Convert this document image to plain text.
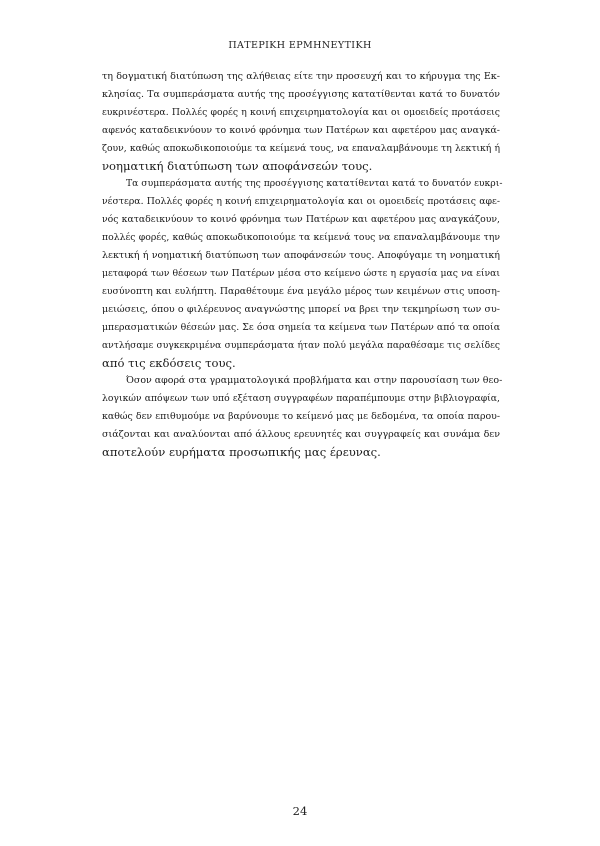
ΠΑΤΕΡΙΚΗ ΕΡΜΗΝΕΥΤΙΚΗ
τη δογματική διατύπωση της αλήθειας είτε την προσευχή και το κήρυγμα της Εκ-
κλησίας. Τα συμπεράσματα αυτής της προσέγγισης κατατίθενται κατά το δυνατόν
ευκρινέστερα. Πολλές φορές η κοινή επιχειρηματολογία και οι ομοειδείς προτάσεις
αφενός καταδεικνύουν το κοινό φρόνημα των Πατέρων και αφετέρου μας αναγκά-
ζουν, καθώς αποκωδικοποιούμε τα κείμενά τους, να επαναλαμβάνουμε τη λεκτική ή
νοηματική διατύπωση των αποφάνσεών τους.
Τα συμπεράσματα αυτής της προσέγγισης κατατίθενται κατά το δυνατόν ευκρι-
νέστερα. Πολλές φορές η κοινή επιχειρηματολογία και οι ομοειδείς προτάσεις αφε-
νός καταδεικνύουν το κοινό φρόνημα των Πατέρων και αφετέρου μας αναγκάζουν,
πολλές φορές, καθώς αποκωδικοποιούμε τα κείμενά τους να επαναλαμβάνουμε την
λεκτική ή νοηματική διατύπωση των αποφάνσεών τους. Αποφύγαμε τη νοηματική
μεταφορά των θέσεων των Πατέρων μέσα στο κείμενο ώστε η εργασία μας να είναι
ευσύνοπτη και ευλήπτη. Παραθέτουμε ένα μεγάλο μέρος των κειμένων στις υποση-
μειώσεις, όπου ο φιλέρευνος αναγνώστης μπορεί να βρει την τεκμηρίωση των συ-
μπερασματικών θέσεών μας. Σε όσα σημεία τα κείμενα των Πατέρων από τα οποία
αντλήσαμε συγκεκριμένα συμπεράσματα ήταν πολύ μεγάλα παραθέσαμε τις σελίδες
από τις εκδόσεις τους.
Όσον αφορά στα γραμματολογικά προβλήματα και στην παρουσίαση των θεο-
λογικών απόψεων των υπό εξέταση συγγραφέων παραπέμπουμε στην βιβλιογραφία,
καθώς δεν επιθυμούμε να βαρύνουμε το κείμενό μας με δεδομένα, τα οποία παρου-
σιάζονται και αναλύονται από άλλους ερευνητές και συγγραφείς και συνάμα δεν
αποτελούν ευρήματα προσωπικής μας έρευνας.
24
